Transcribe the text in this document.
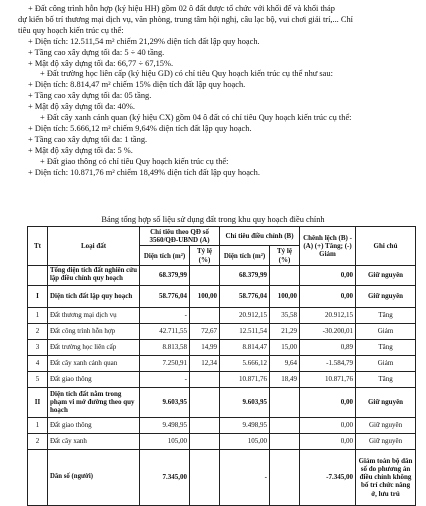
+ Đất công trình hỗn hợp (ký hiệu HH) gồm 02 ô đất được tổ chức với khối đế và khối tháp

dự kiến bố trí thương mại dịch vụ, văn phòng, trung tâm hội nghị, câu lạc bộ, vui chơi giải trí,... Chỉ

tiêu quy hoạch kiến trúc cụ thể:

+ Diện tích: 12.511,54 m² chiếm 21,29% diện tích đất lập quy hoạch.

+ Tầng cao xây dựng tối đa: 5 ÷ 40 tầng.

+ Mật độ xây dựng tối đa: 66,77 ÷ 67,15%.

+ Đất trường học liên cấp (ký hiệu GD) có chỉ tiêu Quy hoạch kiến trúc cụ thể như sau:

+ Diện tích: 8.814,47 m² chiếm 15% diện tích đất lập quy hoạch.

+ Tầng cao xây dựng tối đa: 05 tầng.

+ Mật độ xây dựng tối đa: 40%.

+ Đất cây xanh cảnh quan (ký hiệu CX) gồm 04 ô đất có chỉ tiêu Quy hoạch kiến trúc cụ thể:

+ Diện tích: 5.666,12 m² chiếm 9,64% diện tích đất lập quy hoạch.

+ Tầng cao xây dựng tối đa: 1 tầng.

+ Mật độ xây dựng tối đa: 5 %.

+ Đất giao thông có chỉ tiêu Quy hoạch kiến trúc cụ thể:

+ Diện tích: 10.871,76 m² chiếm 18,49% diện tích đất lập quy hoạch.

Bảng tổng hợp số liệu sử dụng đất trong khu quy hoạch điều chỉnh
Tt	Loại đất	Chỉ tiêu theo QĐ số 3560/QĐ-UBND (A)		Chỉ tiêu điều chỉnh (B)		Chênh lệch (B) - (A) (+) Tăng; (-) Giảm	Ghi chú
		Diện tích (m²)	Tỷ lệ (%)	Diện tích (m²)	Tỷ lệ (%)		
	Tổng diện tích đất nghiên cứu lập điều chỉnh quy hoạch	68.379,99		68.379,99		0,00	Giữ nguyên
I	Diện tích đất lập quy hoạch	58.776,04	100,00	58.776,04	100,00	0,00	Giữ nguyên
1	Đất thương mại dịch vụ	-		20.912,15	35,58	20.912,15	Tăng
2	Đất công trình hỗn hợp	42.711,55	72,67	12.511,54	21,29	-30.200,01	Giảm
3	Đất trường học liên cấp	8.813,58	14,99	8.814,47	15,00	0,89	Tăng
4	Đất cây xanh cảnh quan	7.250,91	12,34	5.666,12	9,64	-1.584,79	Giảm
5	Đất giao thông	-		10.871,76	18,49	10.871,76	Tăng
II	Diện tích đất nằm trong phạm vi mở đường theo quy hoạch	9.603,95		9.603,95		0,00	Giữ nguyên
1	Đất giao thông	9.498,95		9.498,95		0,00	Giữ nguyên
2	Đất cây xanh	105,00		105,00		0,00	Giữ nguyên
	Dân số (người)	7.345,00		-		-7.345,00	Giảm toàn bộ dân số do phương án điều chỉnh không bố trí chức năng ở, lưu trú
